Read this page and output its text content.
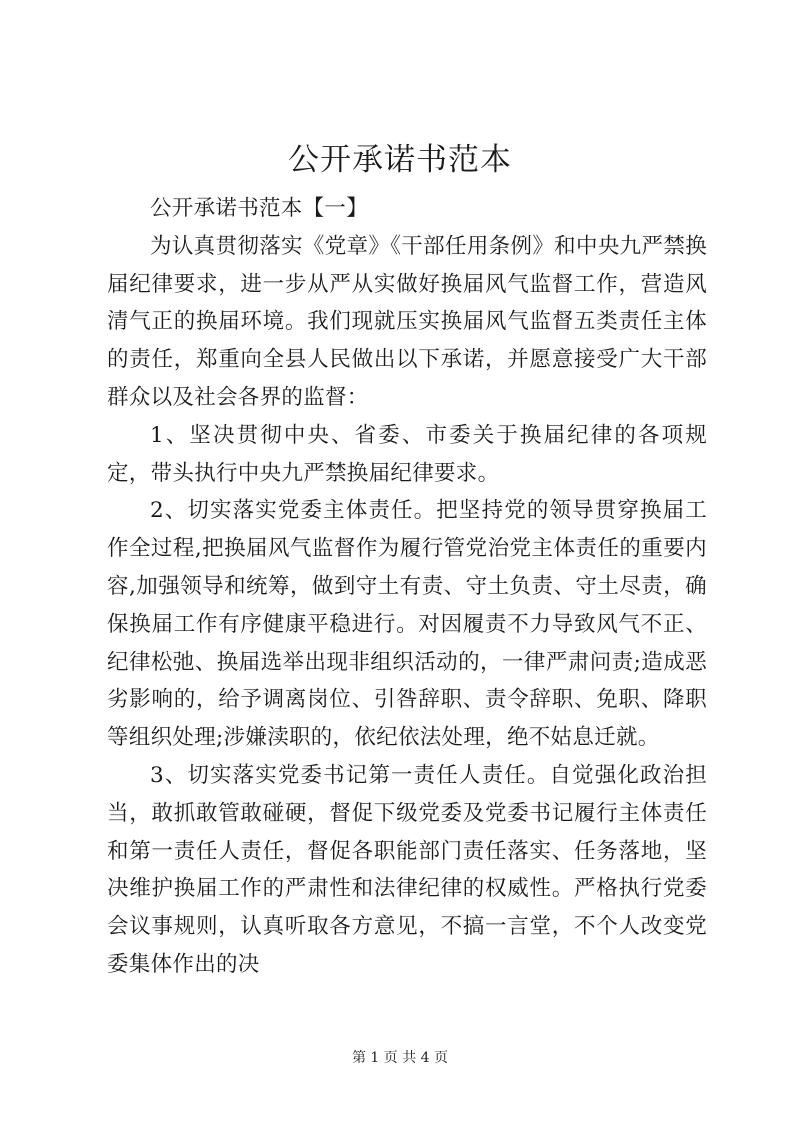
公开承诺书范本

公开承诺书范本【一】

为认真贯彻落实《党章》《干部任用条例》和中央九严禁换届纪律要求，进一步从严从实做好换届风气监督工作，营造风清气正的换届环境。我们现就压实换届风气监督五类责任主体的责任，郑重向全县人民做出以下承诺，并愿意接受广大干部群众以及社会各界的监督：

1、坚决贯彻中央、省委、市委关于换届纪律的各项规定，带头执行中央九严禁换届纪律要求。

2、切实落实党委主体责任。把坚持党的领导贯穿换届工作全过程,把换届风气监督作为履行管党治党主体责任的重要内容,加强领导和统筹，做到守土有责、守土负责、守土尽责，确保换届工作有序健康平稳进行。对因履责不力导致风气不正、纪律松弛、换届选举出现非组织活动的，一律严肃问责;造成恶劣影响的，给予调离岗位、引咎辞职、责令辞职、免职、降职等组织处理;涉嫌渎职的，依纪依法处理，绝不姑息迁就。

3、切实落实党委书记第一责任人责任。自觉强化政治担当，敢抓敢管敢碰硬，督促下级党委及党委书记履行主体责任和第一责任人责任，督促各职能部门责任落实、任务落地，坚决维护换届工作的严肃性和法律纪律的权威性。严格执行党委会议事规则，认真听取各方意见，不搞一言堂，不个人改变党委集体作出的决

第 1 页 共 4 页
